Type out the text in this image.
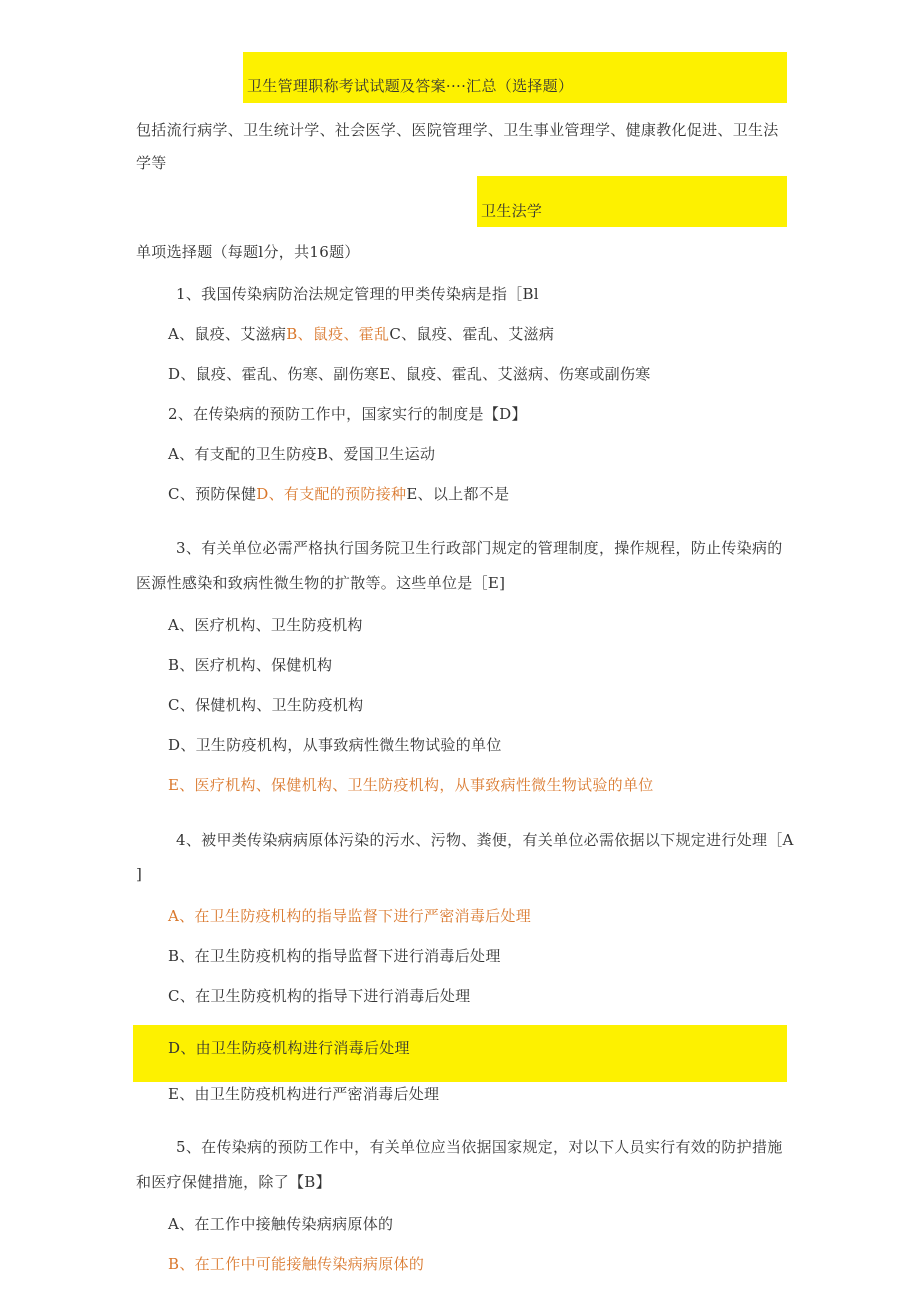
卫生管理职称考试试题及答案····汇总（选择题）
包括流行病学、卫生统计学、社会医学、医院管理学、卫生事业管理学、健康教化促进、卫生法
学等
卫生法学
单项选择题（每题l分，共16题）
1、我国传染病防治法规定管理的甲类传染病是指［Bl
A、鼠疫、艾滋病B、鼠疫、霍乱C、鼠疫、霍乱、艾滋病
D、鼠疫、霍乱、伤寒、副伤寒E、鼠疫、霍乱、艾滋病、伤寒或副伤寒
2、在传染病的预防工作中，国家实行的制度是【D】
A、有支配的卫生防疫B、爱国卫生运动
C、预防保健D、有支配的预防接种E、以上都不是
3、有关单位必需严格执行国务院卫生行政部门规定的管理制度，操作规程，防止传染病的
医源性感染和致病性微生物的扩散等。这些单位是［E]
A、医疗机构、卫生防疫机构
B、医疗机构、保健机构
C、保健机构、卫生防疫机构
D、卫生防疫机构，从事致病性微生物试验的单位
E、医疗机构、保健机构、卫生防疫机构，从事致病性微生物试验的单位
4、被甲类传染病病原体污染的污水、污物、粪便，有关单位必需依据以下规定进行处理［A
]
A、在卫生防疫机构的指导监督下进行严密消毒后处理
B、在卫生防疫机构的指导监督下进行消毒后处理
C、在卫生防疫机构的指导下进行消毒后处理
D、由卫生防疫机构进行消毒后处理
E、由卫生防疫机构进行严密消毒后处理
5、在传染病的预防工作中，有关单位应当依据国家规定，对以下人员实行有效的防护措施
和医疗保健措施，除了【B】
A、在工作中接触传染病病原体的
B、在工作中可能接触传染病病原体的
